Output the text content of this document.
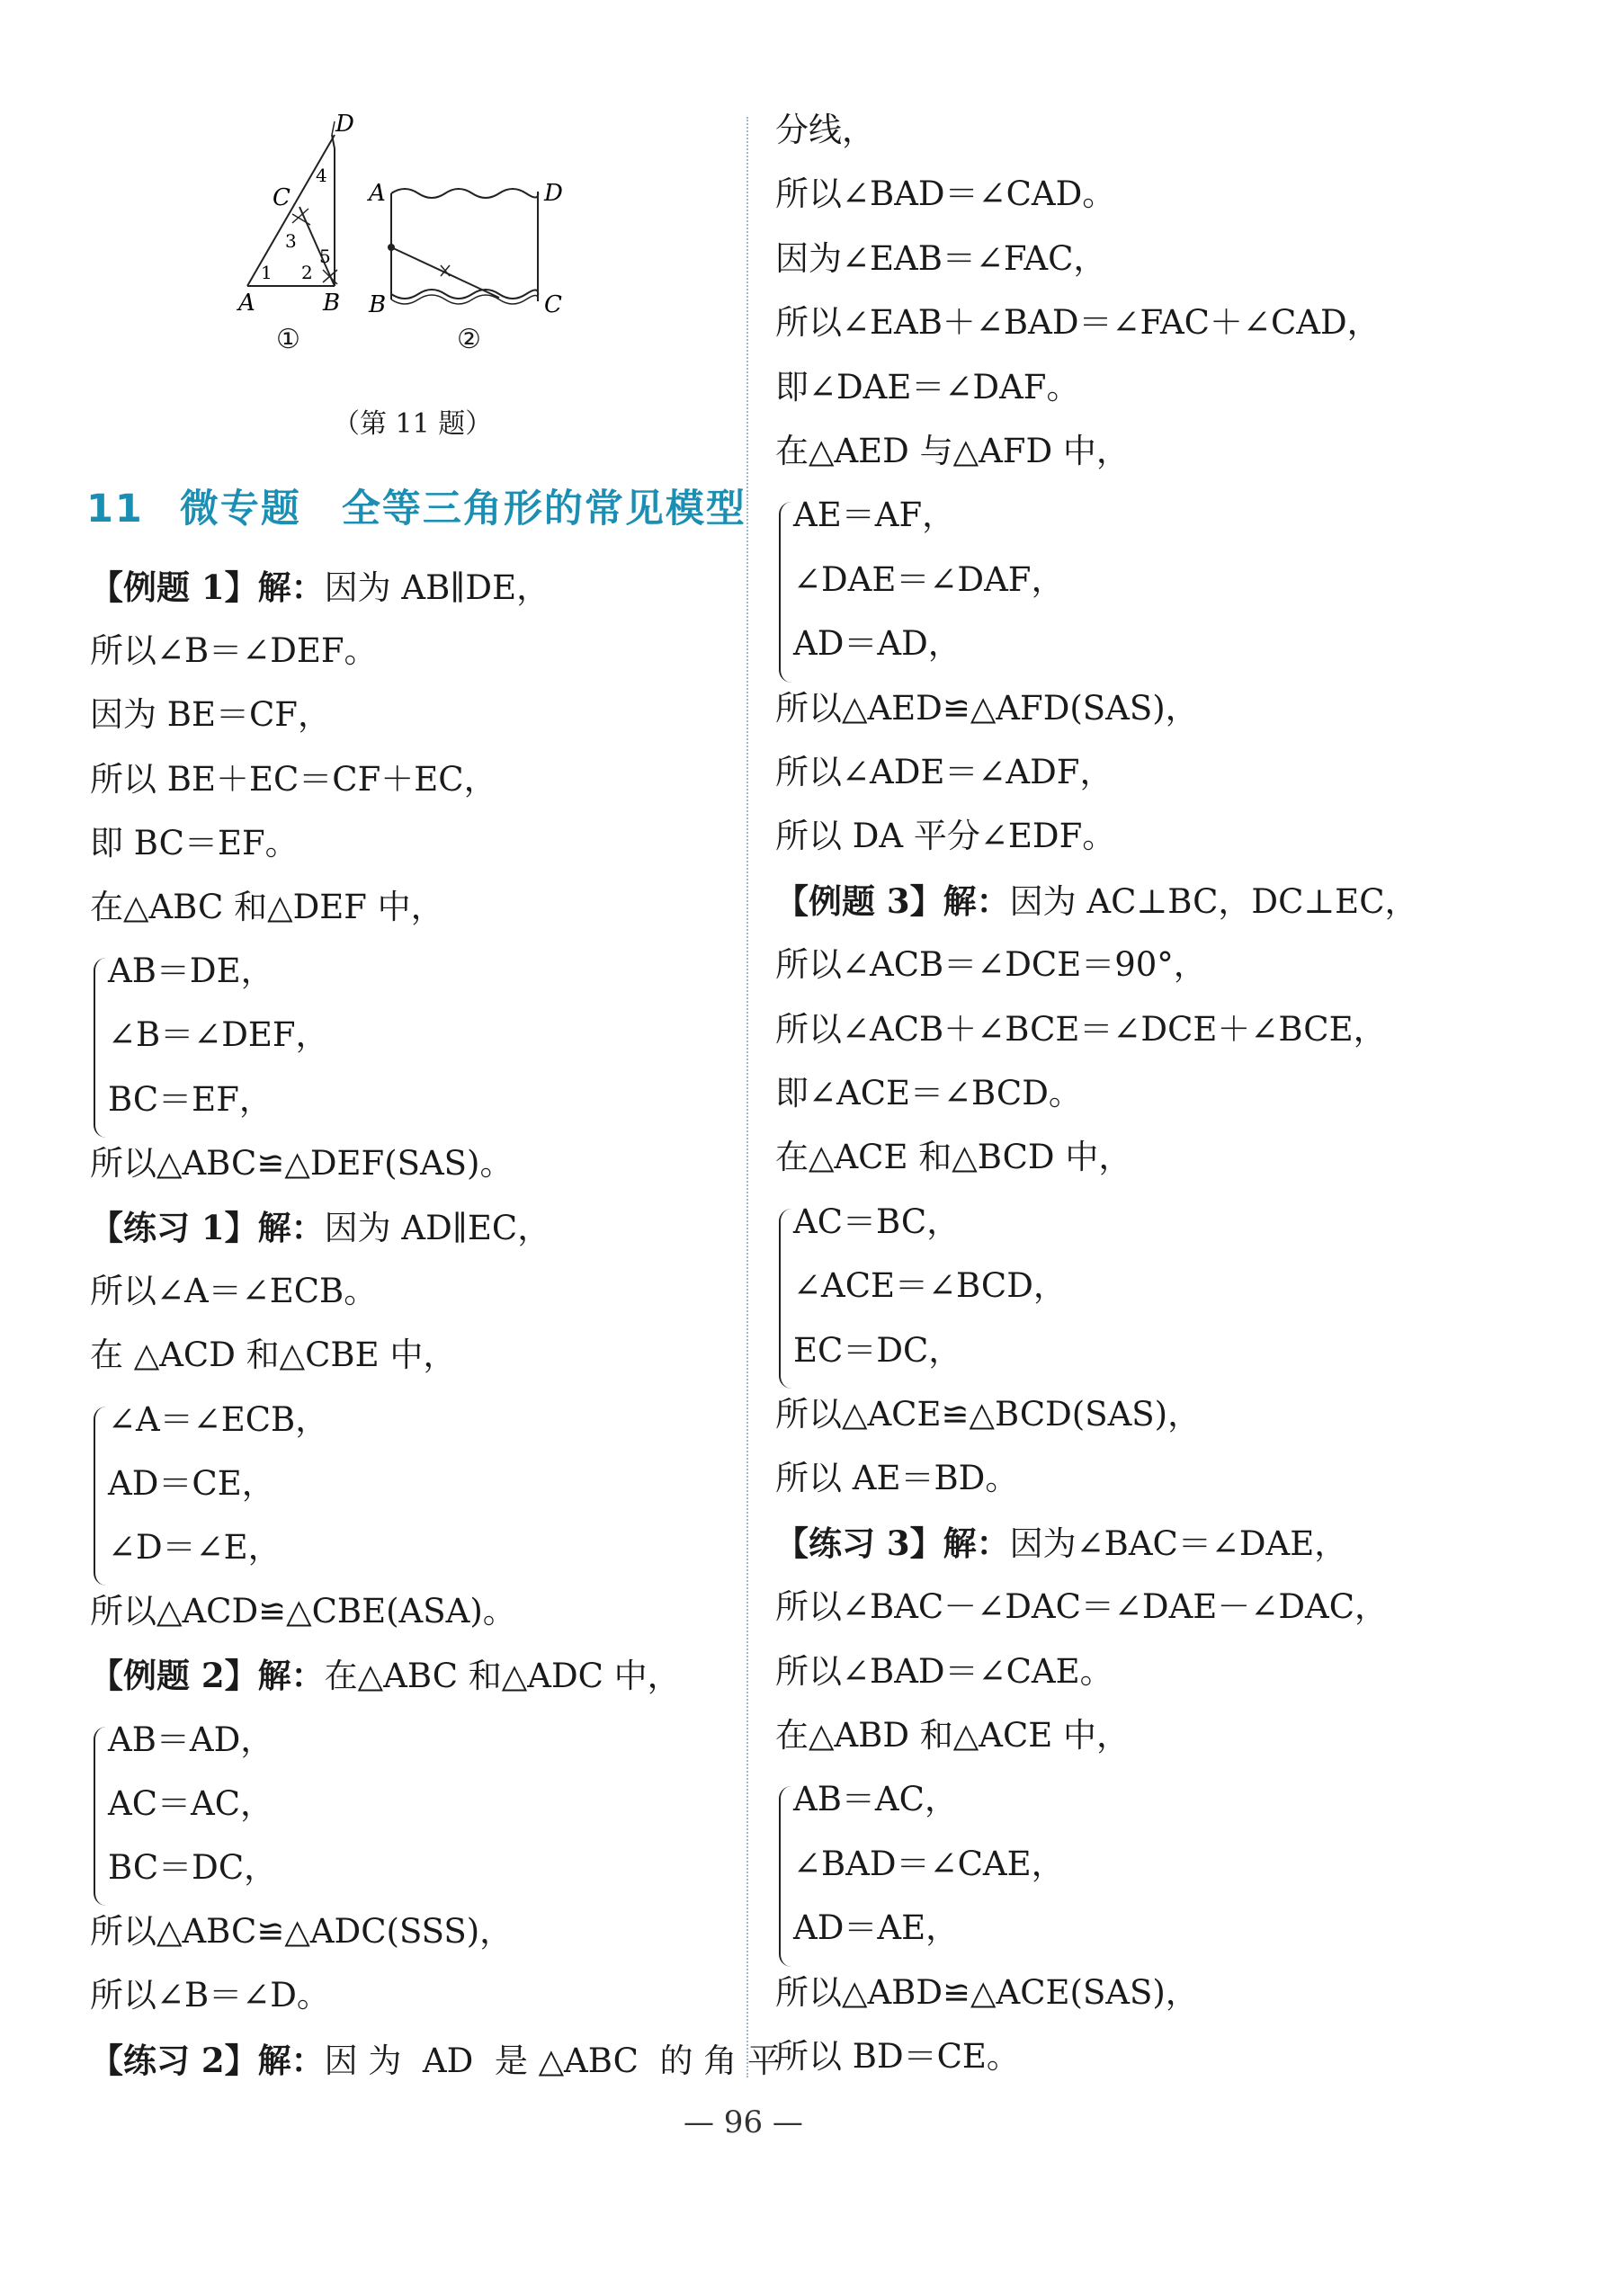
D
C
A	B
1 2
3
4
5
①
A	D
B	C
②
（第 11 题）
11 微专题　全等三角形的常见模型
【例题 1】解：因为 AB∥DE，
所以∠B＝∠DEF。
因为 BE＝CF，
所以 BE＋EC＝CF＋EC，
即 BC＝EF。
在△ABC 和△DEF 中，
AB＝DE，
∠B＝∠DEF，
BC＝EF，
所以△ABC≌△DEF(SAS)。
【练习 1】解：因为 AD∥EC，
所以∠A＝∠ECB。
在 △ACD 和△CBE 中，
∠A＝∠ECB，
AD＝CE，
∠D＝∠E，
所以△ACD≌△CBE(ASA)。
【例题 2】解：在△ABC 和△ADC 中，
AB＝AD，
AC＝AC，
BC＝DC，
所以△ABC≌△ADC(SSS)，
所以∠B＝∠D。
【练习 2】解：因 为  AD  是 △ABC  的 角 平
分线，
所以∠BAD＝∠CAD。
因为∠EAB＝∠FAC，
所以∠EAB＋∠BAD＝∠FAC＋∠CAD，
即∠DAE＝∠DAF。
在△AED 与△AFD 中，
AE＝AF，
∠DAE＝∠DAF，
AD＝AD，
所以△AED≌△AFD(SAS)，
所以∠ADE＝∠ADF，
所以 DA 平分∠EDF。
【例题 3】解：因为 AC⊥BC，DC⊥EC，
所以∠ACB＝∠DCE＝90°，
所以∠ACB＋∠BCE＝∠DCE＋∠BCE，
即∠ACE＝∠BCD。
在△ACE 和△BCD 中，
AC＝BC，
∠ACE＝∠BCD，
EC＝DC，
所以△ACE≌△BCD(SAS)，
所以 AE＝BD。
【练习 3】解：因为∠BAC＝∠DAE，
所以∠BAC－∠DAC＝∠DAE－∠DAC，
所以∠BAD＝∠CAE。
在△ABD 和△ACE 中，
AB＝AC，
∠BAD＝∠CAE，
AD＝AE，
所以△ABD≌△ACE(SAS)，
所以 BD＝CE。
— 96 —
